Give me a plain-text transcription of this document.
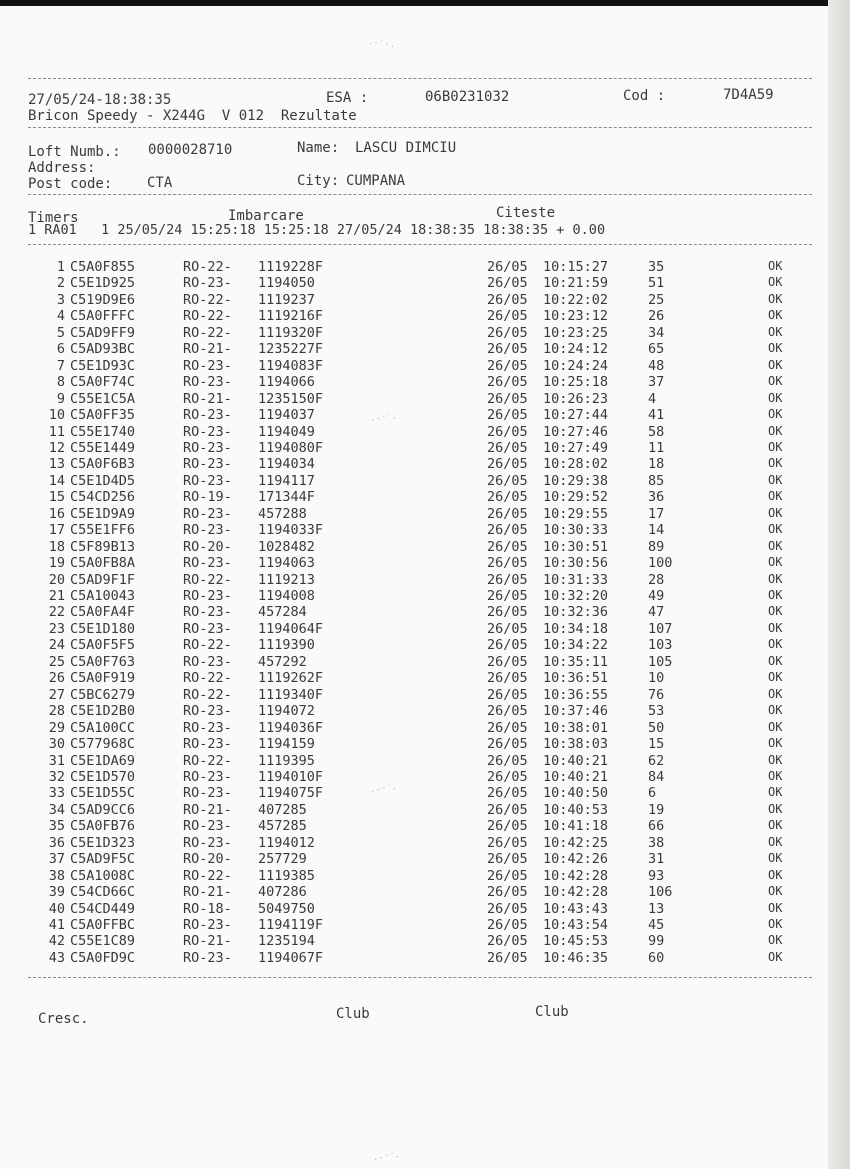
·⁻˙·.
.-⁻˙·
.-⁻˙·
.-⁻˙·
27/05/24-18:38:35	ESA :	06B0231032	Cod :	7D4A59
Bricon Speedy - X244G  V 012  Rezultate
Loft Numb.: 0000028710	Name: LASCU DIMCIU
Address:
Post code: CTA	City: CUMPANA
Timers	Imbarcare	Citeste
1 RA01   1 25/05/24 15:25:18 15:25:18 27/05/24 18:38:35 18:38:35 + 0.00
1 C5A0F855	RO-22- 1119228F	26/05 10:15:27	35	OK
2 C5E1D925	RO-23- 1194050	26/05 10:21:59	51	OK
3 C519D9E6	RO-22- 1119237	26/05 10:22:02	25	OK
4 C5A0FFFC	RO-22- 1119216F	26/05 10:23:12	26	OK
5 C5AD9FF9	RO-22- 1119320F	26/05 10:23:25	34	OK
6 C5AD93BC	RO-21- 1235227F	26/05 10:24:12	65	OK
7 C5E1D93C	RO-23- 1194083F	26/05 10:24:24	48	OK
8 C5A0F74C	RO-23- 1194066	26/05 10:25:18	37	OK
9 C55E1C5A	RO-21- 1235150F	26/05 10:26:23	4	OK
10 C5A0FF35	RO-23- 1194037	26/05 10:27:44	41	OK
11 C55E1740	RO-23- 1194049	26/05 10:27:46	58	OK
12 C55E1449	RO-23- 1194080F	26/05 10:27:49	11	OK
13 C5A0F6B3	RO-23- 1194034	26/05 10:28:02	18	OK
14 C5E1D4D5	RO-23- 1194117	26/05 10:29:38	85	OK
15 C54CD256	RO-19- 171344F	26/05 10:29:52	36	OK
16 C5E1D9A9	RO-23- 457288	26/05 10:29:55	17	OK
17 C55E1FF6	RO-23- 1194033F	26/05 10:30:33	14	OK
18 C5F89B13	RO-20- 1028482	26/05 10:30:51	89	OK
19 C5A0FB8A	RO-23- 1194063	26/05 10:30:56	100	OK
20 C5AD9F1F	RO-22- 1119213	26/05 10:31:33	28	OK
21 C5A10043	RO-23- 1194008	26/05 10:32:20	49	OK
22 C5A0FA4F	RO-23- 457284	26/05 10:32:36	47	OK
23 C5E1D180	RO-23- 1194064F	26/05 10:34:18	107	OK
24 C5A0F5F5	RO-22- 1119390	26/05 10:34:22	103	OK
25 C5A0F763	RO-23- 457292	26/05 10:35:11	105	OK
26 C5A0F919	RO-22- 1119262F	26/05 10:36:51	10	OK
27 C5BC6279	RO-22- 1119340F	26/05 10:36:55	76	OK
28 C5E1D2B0	RO-23- 1194072	26/05 10:37:46	53	OK
29 C5A100CC	RO-23- 1194036F	26/05 10:38:01	50	OK
30 C577968C	RO-23- 1194159	26/05 10:38:03	15	OK
31 C5E1DA69	RO-22- 1119395	26/05 10:40:21	62	OK
32 C5E1D570	RO-23- 1194010F	26/05 10:40:21	84	OK
33 C5E1D55C	RO-23- 1194075F	26/05 10:40:50	6	OK
34 C5AD9CC6	RO-21- 407285	26/05 10:40:53	19	OK
35 C5A0FB76	RO-23- 457285	26/05 10:41:18	66	OK
36 C5E1D323	RO-23- 1194012	26/05 10:42:25	38	OK
37 C5AD9F5C	RO-20- 257729	26/05 10:42:26	31	OK
38 C5A1008C	RO-22- 1119385	26/05 10:42:28	93	OK
39 C54CD66C	RO-21- 407286	26/05 10:42:28	106	OK
40 C54CD449	RO-18- 5049750	26/05 10:43:43	13	OK
41 C5A0FFBC	RO-23- 1194119F	26/05 10:43:54	45	OK
42 C55E1C89	RO-21- 1235194	26/05 10:45:53	99	OK
43 C5A0FD9C	RO-23- 1194067F	26/05 10:46:35	60	OK
Cresc.	Club	Club
